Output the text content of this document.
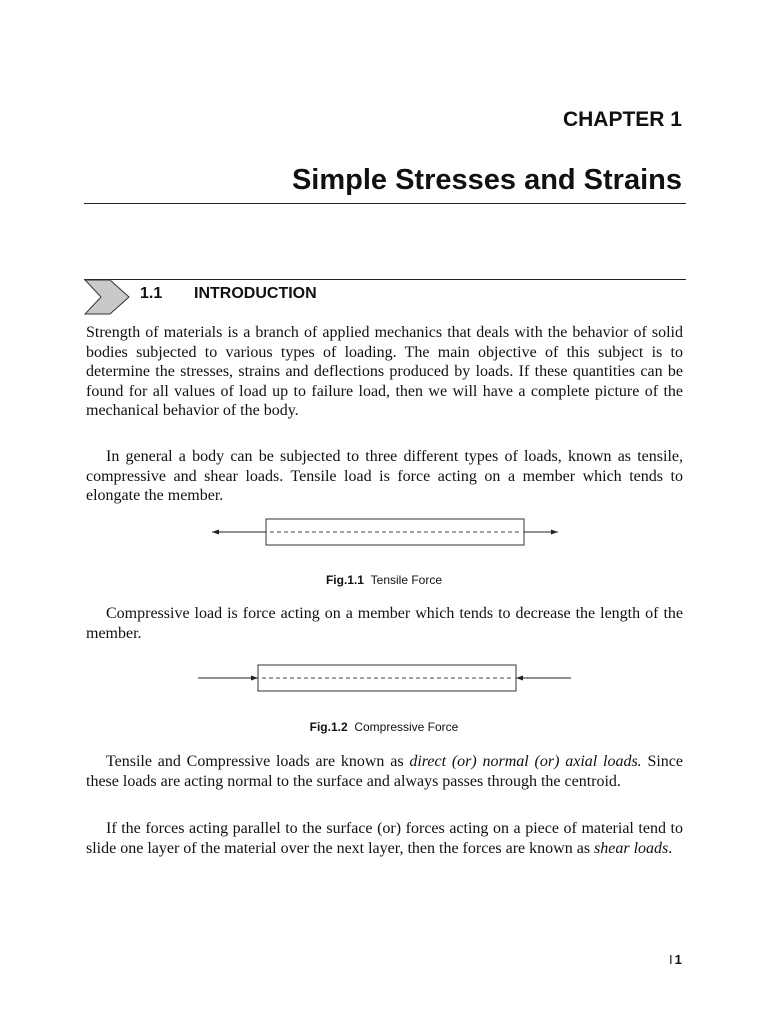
CHAPTER 1
Simple Stresses and Strains
1.1 INTRODUCTION

Strength of materials is a branch of applied mechanics that deals with the behavior of solid bodies subjected to various types of loading. The main objective of this subject is to determine the stresses, strains and deflections produced by loads. If these quantities can be found for all values of load up to failure load, then we will have a complete picture of the mechanical behavior of the body.

In general a body can be subjected to three different types of loads, known as tensile, compressive and shear loads. Tensile load is force acting on a member which tends to elongate the member.

Fig.1.1 Tensile Force

Compressive load is force acting on a member which tends to decrease the length of the member.

Fig.1.2 Compressive Force

Tensile and Compressive loads are known as direct (or) normal (or) axial loads. Since these loads are acting normal to the surface and always passes through the centroid.

If the forces acting parallel to the surface (or) forces acting on a piece of material tend to slide one layer of the material over the next layer, then the forces are known as shear loads.

I 1
